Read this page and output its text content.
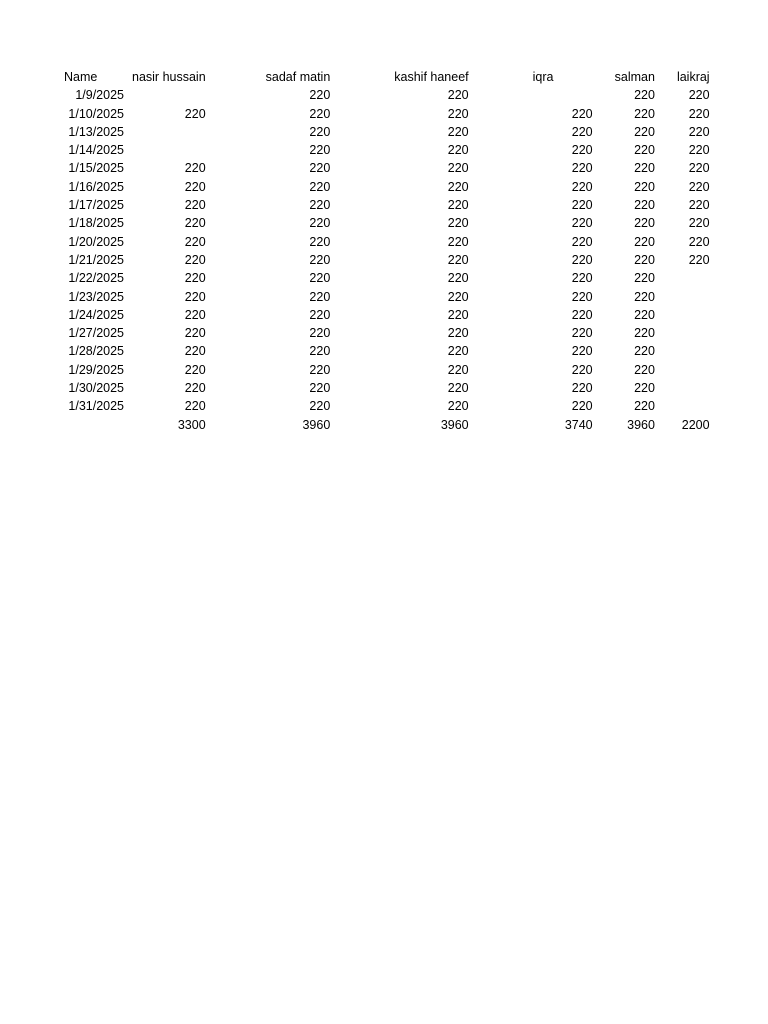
Name	nasir hussain	sadaf matin	kashif haneef	iqra	salman	laikraj
1/9/2025		220	220		220	220
1/10/2025	220	220	220	220	220	220
1/13/2025		220	220	220	220	220
1/14/2025		220	220	220	220	220
1/15/2025	220	220	220	220	220	220
1/16/2025	220	220	220	220	220	220
1/17/2025	220	220	220	220	220	220
1/18/2025	220	220	220	220	220	220
1/20/2025	220	220	220	220	220	220
1/21/2025	220	220	220	220	220	220
1/22/2025	220	220	220	220	220	
1/23/2025	220	220	220	220	220	
1/24/2025	220	220	220	220	220	
1/27/2025	220	220	220	220	220	
1/28/2025	220	220	220	220	220	
1/29/2025	220	220	220	220	220	
1/30/2025	220	220	220	220	220	
1/31/2025	220	220	220	220	220	
	3300	3960	3960	3740	3960	2200
